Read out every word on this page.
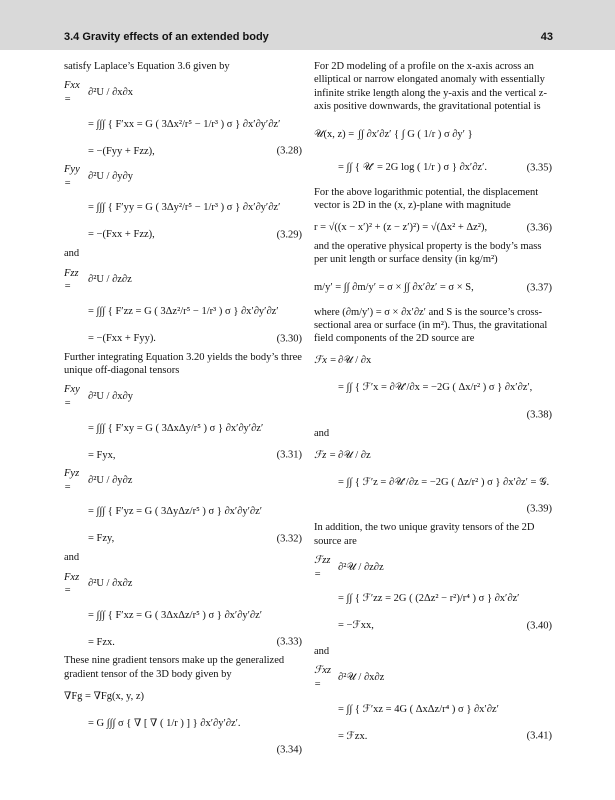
3.4 Gravity effects of an extended body	43

satisfy Laplace’s Equation 3.6 given by

Fxx =
∂²U / ∂x∂x
= ∫∫∫ { F′xx = G ( 3Δx²/r⁵ − 1/r³ ) σ } ∂x′∂y′∂z′
= −(Fyy + Fzz),	(3.28)
Fyy =
∂²U / ∂y∂y
= ∫∫∫ { F′yy = G ( 3Δy²/r⁵ − 1/r³ ) σ } ∂x′∂y′∂z′
= −(Fxx + Fzz),	(3.29)

and

Fzz =
∂²U / ∂z∂z
= ∫∫∫ { F′zz = G ( 3Δz²/r⁵ − 1/r³ ) σ } ∂x′∂y′∂z′
= −(Fxx + Fyy).	(3.30)

Further integrating Equation 3.20 yields the body’s three unique off-diagonal tensors

Fxy =
∂²U / ∂x∂y
= ∫∫∫ { F′xy = G ( 3ΔxΔy/r⁵ ) σ } ∂x′∂y′∂z′
= Fyx,	(3.31)
Fyz =
∂²U / ∂y∂z
= ∫∫∫ { F′yz = G ( 3ΔyΔz/r⁵ ) σ } ∂x′∂y′∂z′
= Fzy,	(3.32)

and

Fxz =
∂²U / ∂x∂z
= ∫∫∫ { F′xz = G ( 3ΔxΔz/r⁵ ) σ } ∂x′∂y′∂z′
= Fzx.	(3.33)

These nine gradient tensors make up the generalized gradient tensor of the 3D body given by

∇Fg = ∇Fg(x, y, z)
= G ∫∫∫ σ { ∇ [ ∇ ( 1/r ) ] } ∂x′∂y′∂z′.
(3.34)

For 2D modeling of a profile on the x-axis across an elliptical or narrow elongated anomaly with essentially infinite strike length along the y-axis and the vertical z-axis positive downwards, the gravitational potential is

𝒰(x, z) = ∫∫ ∂x′∂z′ { ∫ G ( 1/r ) σ ∂y′ }
= ∫∫ { 𝒰′ = 2G log ( 1/r ) σ } ∂x′∂z′.	(3.35)

For the above logarithmic potential, the displacement vector is 2D in the (x, z)-plane with magnitude

r = √((x − x′)² + (z − z′)²) = √(Δx² + Δz²),	(3.36)

and the operative physical property is the body’s mass per unit length or surface density (in kg/m²)

m/y′ = ∫∫ ∂m/y′ = σ × ∫∫ ∂x′∂z′ = σ × S,	(3.37)

where (∂m/y′) = σ × ∂x′∂z′ and S is the source’s cross-sectional area or surface (in m²). Thus, the gravitational field components of the 2D source are

ℱx = ∂𝒰 / ∂x
= ∫∫ { ℱ′x = ∂𝒰′/∂x = −2G ( Δx/r² ) σ } ∂x′∂z′,
(3.38)

and

ℱz = ∂𝒰 / ∂z
= ∫∫ { ℱ′z = ∂𝒰′/∂z = −2G ( Δz/r² ) σ } ∂x′∂z′ = 𝒢.
(3.39)

In addition, the two unique gravity tensors of the 2D source are

ℱzz =
∂²𝒰 / ∂z∂z
= ∫∫ { ℱ′zz = 2G ( (2Δz² − r²)/r⁴ ) σ } ∂x′∂z′
= −ℱxx,	(3.40)

and

ℱxz =
∂²𝒰 / ∂x∂z
= ∫∫ { ℱ′xz = 4G ( ΔxΔz/r⁴ ) σ } ∂x′∂z′
= ℱzx.	(3.41)
